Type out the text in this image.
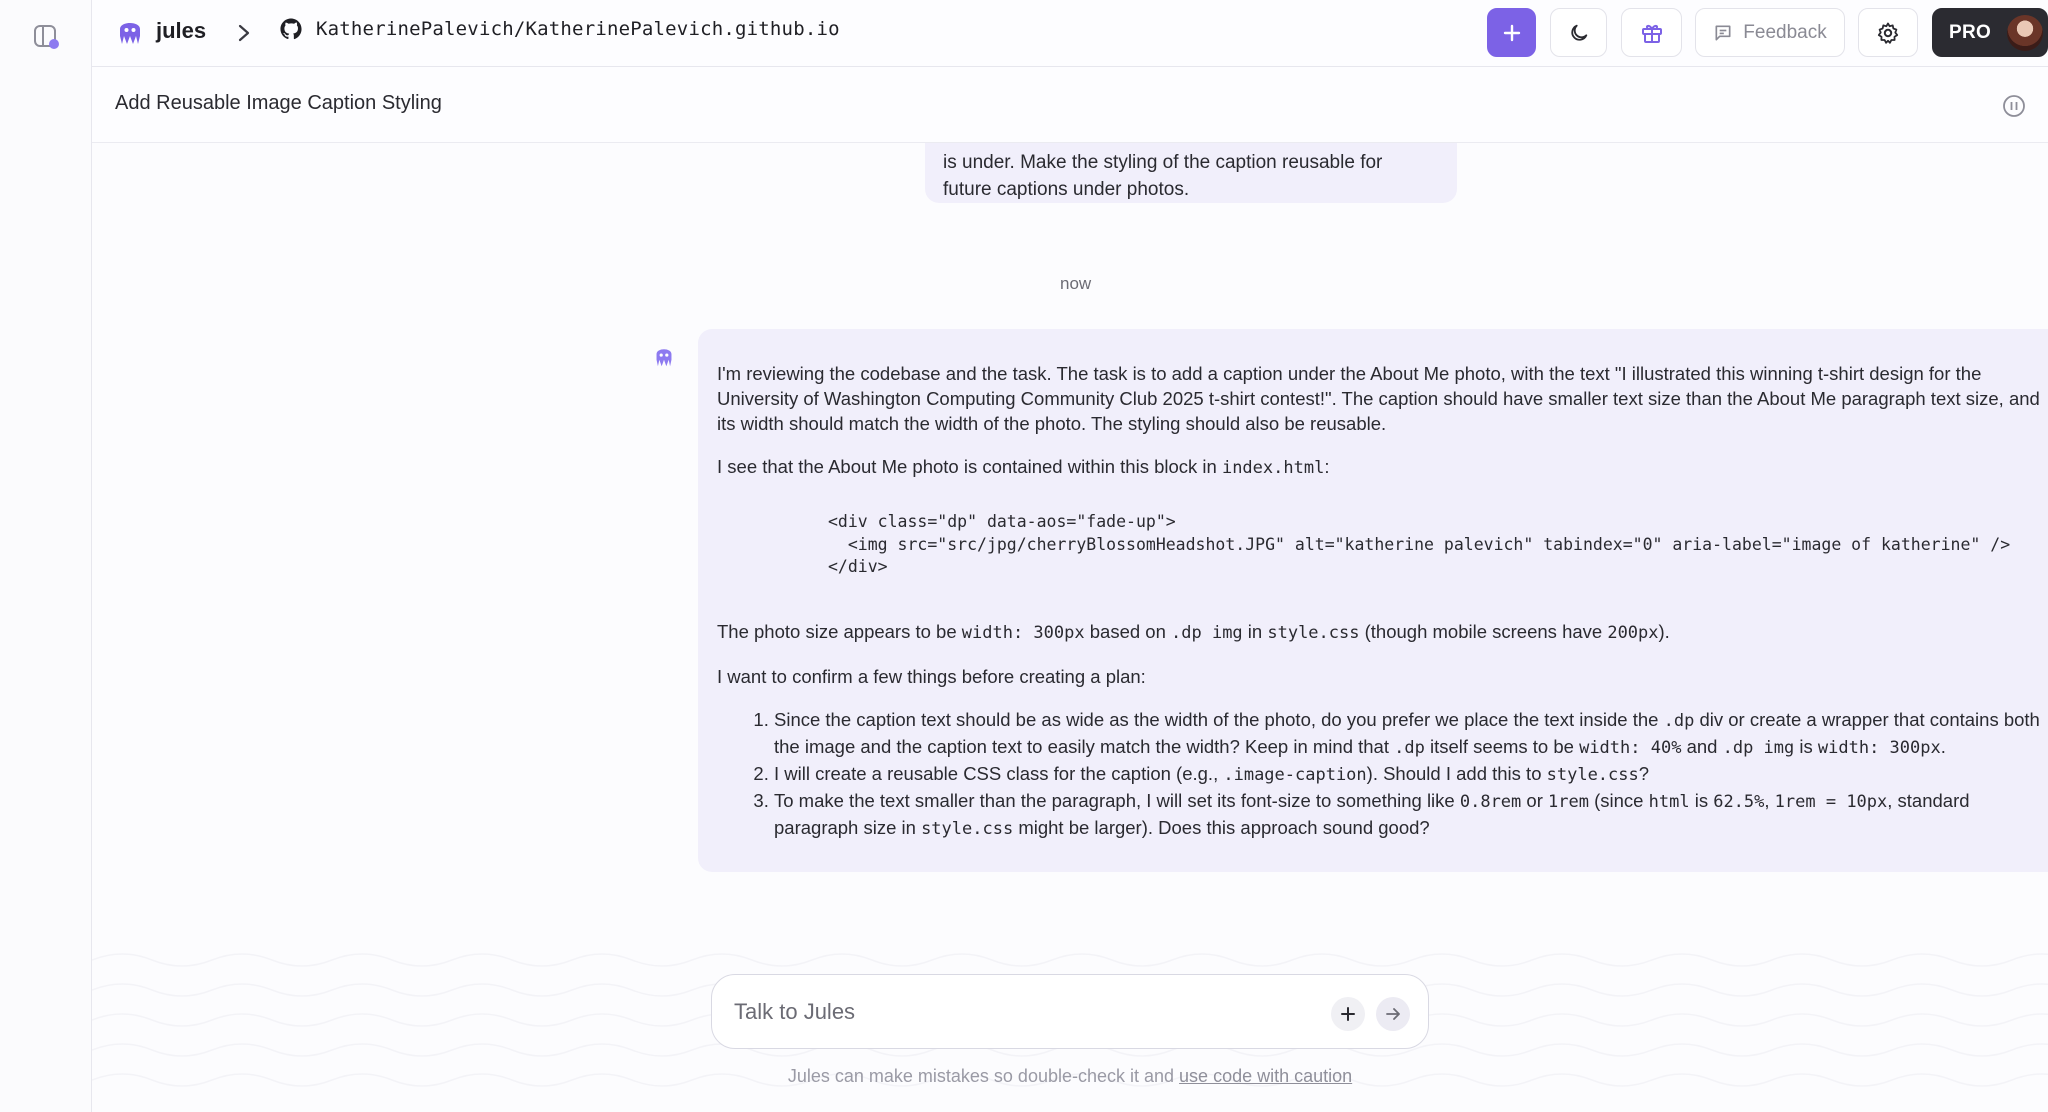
jules	KatherinePalevich/KatherinePalevich.github.io	Feedback	PRO
Add Reusable Image Caption Styling
is under. Make the styling of the caption reusable for
future captions under photos.
now

I'm reviewing the codebase and the task. The task is to add a caption under the About Me photo, with the text "I illustrated this winning t-shirt design for the University of Washington Computing Community Club 2025 t-shirt contest!". The caption should have smaller text size than the About Me paragraph text size, and its width should match the width of the photo. The styling should also be reusable.

I see that the About Me photo is contained within this block in index.html:

<div class="dp" data-aos="fade-up">
<img src="src/jpg/cherryBlossomHeadshot.JPG" alt="katherine palevich" tabindex="0" aria-label="image of katherine" />
</div>

The photo size appears to be width: 300px based on .dp img in style.css (though mobile screens have 200px).

I want to confirm a few things before creating a plan:

1. Since the caption text should be as wide as the width of the photo, do you prefer we place the text inside the .dp div or create a wrapper that contains both the image and the caption text to easily match the width? Keep in mind that .dp itself seems to be width: 40% and .dp img is width: 300px.
2. I will create a reusable CSS class for the caption (e.g., .image-caption). Should I add this to style.css?
3. To make the text smaller than the paragraph, I will set its font-size to something like 0.8rem or 1rem (since html is 62.5%, 1rem = 10px, standard paragraph size in style.css might be larger). Does this approach sound good?
Talk to Jules
Jules can make mistakes so double-check it and use code with caution
